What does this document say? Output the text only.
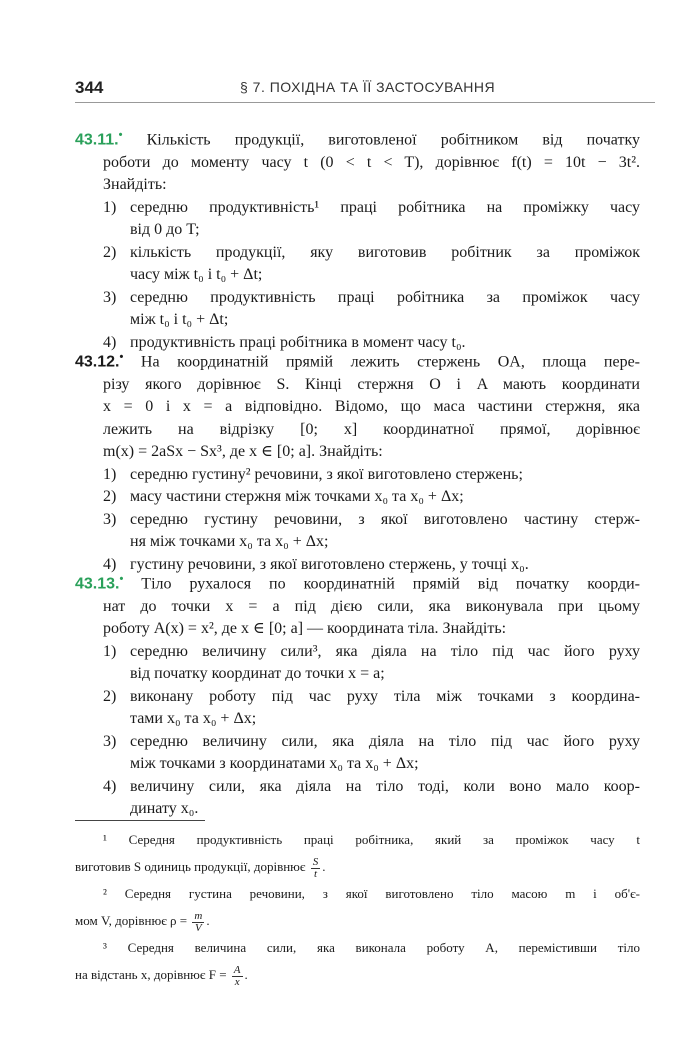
344	§ 7. ПОХІДНА ТА ЇЇ ЗАСТОСУВАННЯ
43.11.• Кількість продукції, виготовленої робітником від початку
роботи до моменту часу t (0 < t < T), дорівнює f(t) = 10t − 3t².
Знайдіть:
1) середню продуктивність¹ праці робітника на проміжку часу
від 0 до T;
2) кількість продукції, яку виготовив робітник за проміжок
часу між t₀ і t₀ + Δt;
3) середню продуктивність праці робітника за проміжок часу
між t₀ і t₀ + Δt;
4) продуктивність праці робітника в момент часу t₀.
43.12.• На координатній прямій лежить стержень OA, площа пере-
різу якого дорівнює S. Кінці стержня O і A мають координати
x = 0 і x = a відповідно. Відомо, що маса частини стержня, яка
лежить на відрізку [0; x] координатної прямої, дорівнює
m(x) = 2aSx − Sx³, де x ∈ [0; a]. Знайдіть:
1) середню густину² речовини, з якої виготовлено стержень;
2) масу частини стержня між точками x₀ та x₀ + Δx;
3) середню густину речовини, з якої виготовлено частину стерж-
ня між точками x₀ та x₀ + Δx;
4) густину речовини, з якої виготовлено стержень, у точці x₀.
43.13.• Тіло рухалося по координатній прямій від початку коорди-
нат до точки x = a під дією сили, яка виконувала при цьому
роботу A(x) = x², де x ∈ [0; a] — координата тіла. Знайдіть:
1) середню величину сили³, яка діяла на тіло під час його руху
від початку координат до точки x = a;
2) виконану роботу під час руху тіла між точками з координа-
тами x₀ та x₀ + Δx;
3) середню величину сили, яка діяла на тіло під час його руху
між точками з координатами x₀ та x₀ + Δx;
4) величину сили, яка діяла на тіло тоді, коли воно мало коор-
динату x₀.
¹ Середня продуктивність праці робітника, який за проміжок часу t
виготовив S одиниць продукції, дорівнює $\frac{S}{t}$ .
² Середня густина речовини, з якої виготовлено тіло масою m і об'є-
мом V, дорівнює $\rho = \frac{m}{V}$ .
³ Середня величина сили, яка виконала роботу A, перемістивши тіло
на відстань x, дорівнює $F = \frac{A}{x}$ .
